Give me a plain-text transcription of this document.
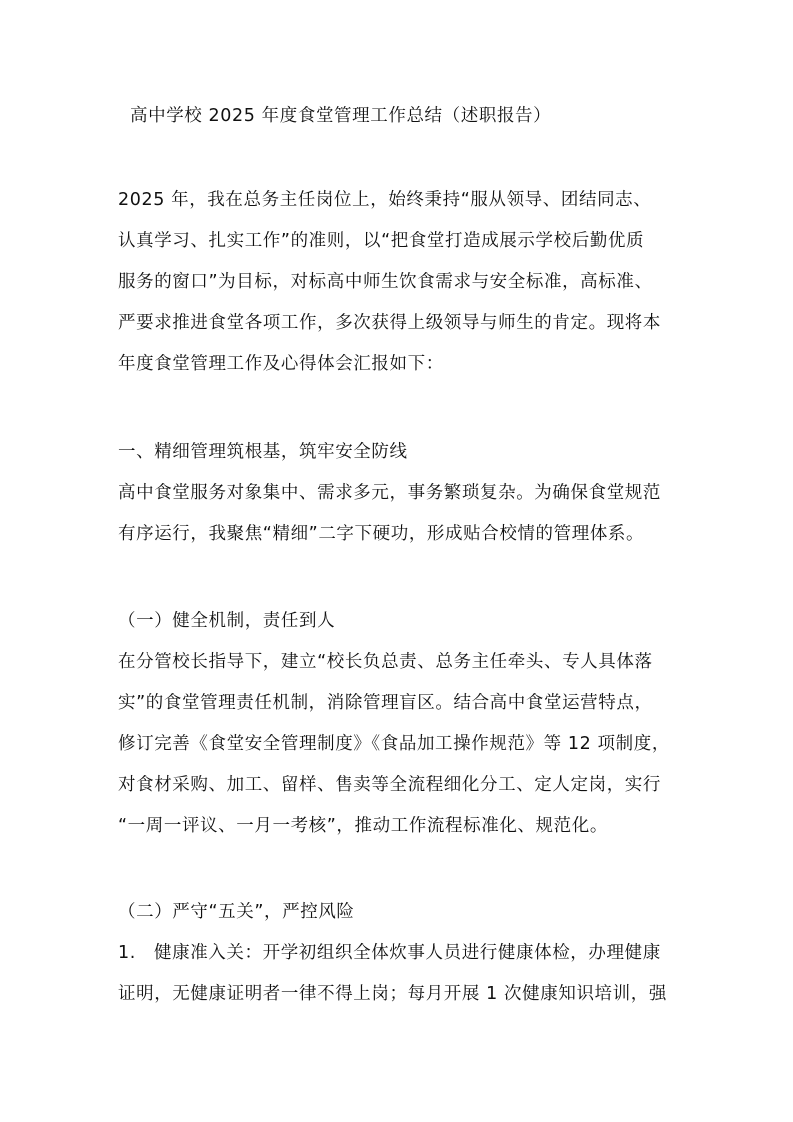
高中学校 2025 年度食堂管理工作总结（述职报告）
2025 年，我在总务主任岗位上，始终秉持“服从领导、团结同志、
认真学习、扎实工作”的准则，以“把食堂打造成展示学校后勤优质
服务的窗口”为目标，对标高中师生饮食需求与安全标准，高标准、
严要求推进食堂各项工作，多次获得上级领导与师生的肯定。现将本
年度食堂管理工作及心得体会汇报如下：
一、精细管理筑根基，筑牢安全防线
高中食堂服务对象集中、需求多元，事务繁琐复杂。为确保食堂规范
有序运行，我聚焦“精细”二字下硬功，形成贴合校情的管理体系。
（一）健全机制，责任到人
在分管校长指导下，建立“校长负总责、总务主任牵头、专人具体落
实”的食堂管理责任机制，消除管理盲区。结合高中食堂运营特点，
修订完善《食堂安全管理制度》《食品加工操作规范》等 12 项制度，
对食材采购、加工、留样、售卖等全流程细化分工、定人定岗，实行
“一周一评议、一月一考核”，推动工作流程标准化、规范化。
（二）严守“五关”，严控风险
1. 健康准入关：开学初组织全体炊事人员进行健康体检，办理健康
证明，无健康证明者一律不得上岗；每月开展 1 次健康知识培训，强
